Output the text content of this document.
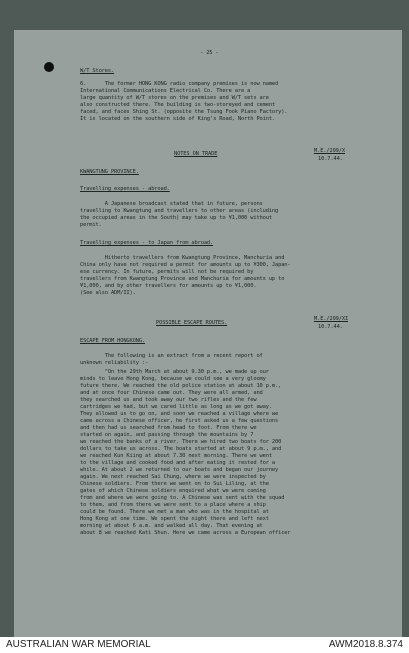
- 25 -
W/T Stores.
6.      The former HONG KONG radio company premises is now named
International Communications Electrical Co. There are a
large quantity of W/T stores on the premises and W/T sets are
also constructed there. The building is two-storeyed and cement
faced, and faces Shing St. (opposite the Tsung Fook Piano Factory).
It is located on the southern side of King's Road, North Point.
NOTES ON TRADE	M.E./299/X
10.7.44.
KWANGTUNG PROVINCE.
Travelling expenses - abroad.
A Japanese broadcast stated that in future, persons
travelling to Kwangtung and travellers to other areas (including
the occupied areas in the South) may take up to ¥1,000 without
permit.
Travelling expenses - to Japan from abroad.
Hitherto travellers from Kwangtung Province, Manchuria and
China only have not required a permit for amounts up to ¥300, Japan-
ese currency. In future, permits will not be required by
travellers from Kwangtung Province and Manchuria for amounts up to
¥1,000, and by other travellers for amounts up to ¥1,000.
(See also ADM/II).
POSSIBLE ESCAPE ROUTES.
M.E./299/XI
10.7.44.
ESCAPE FROM HONGKONG.
The following is an extract from a recent report of
unknown reliability :-
"On the 29th March at about 9.30 p.m., we made up our
minds to leave Hong Kong, because we could see a very gloomy
future there. We reached the old police station at about 10 p.m.,
and at once four Chinese came out. They were all armed, and
they searched us and took away our two rifles and the few
cartridges we had, but we cared little as long as we got away.
They allowed us to go on, and soon we reached a village where we
came across a Chinese officer, he first asked us a few questions
and then had us searched from head to foot. From there we
started on again, and passing through the mountains by 7
we reached the banks of a river. There we hired two boats for 200
dollars to take us across. The boats started at about 9 p.m., and
we reached Kun Kiing at about 7.30 next morning. There we went
to the village and cooked food and after eating it rested for a
while. At about 2 we returned to our boats and began our journey
again. We next reached Sai Chung, where we were inspected by
Chinese soldiers. From there we went on to Sui Liling, at the
gates of which Chinese soldiers enquired what we were coming
from and where we were going to. A Chinese was sent with the squad
to them, and from there we were sent to a place where a ship
could be found. There we met a man who was in the hospital at
Hong Kong at one time. We spent the night there and left next
morning at about 6 a.m. and walked all day. That evening at
about 8 we reached Kati Shun. Here we came across a European officer
AUSTRALIAN WAR MEMORIAL	AWM2018.8.374
